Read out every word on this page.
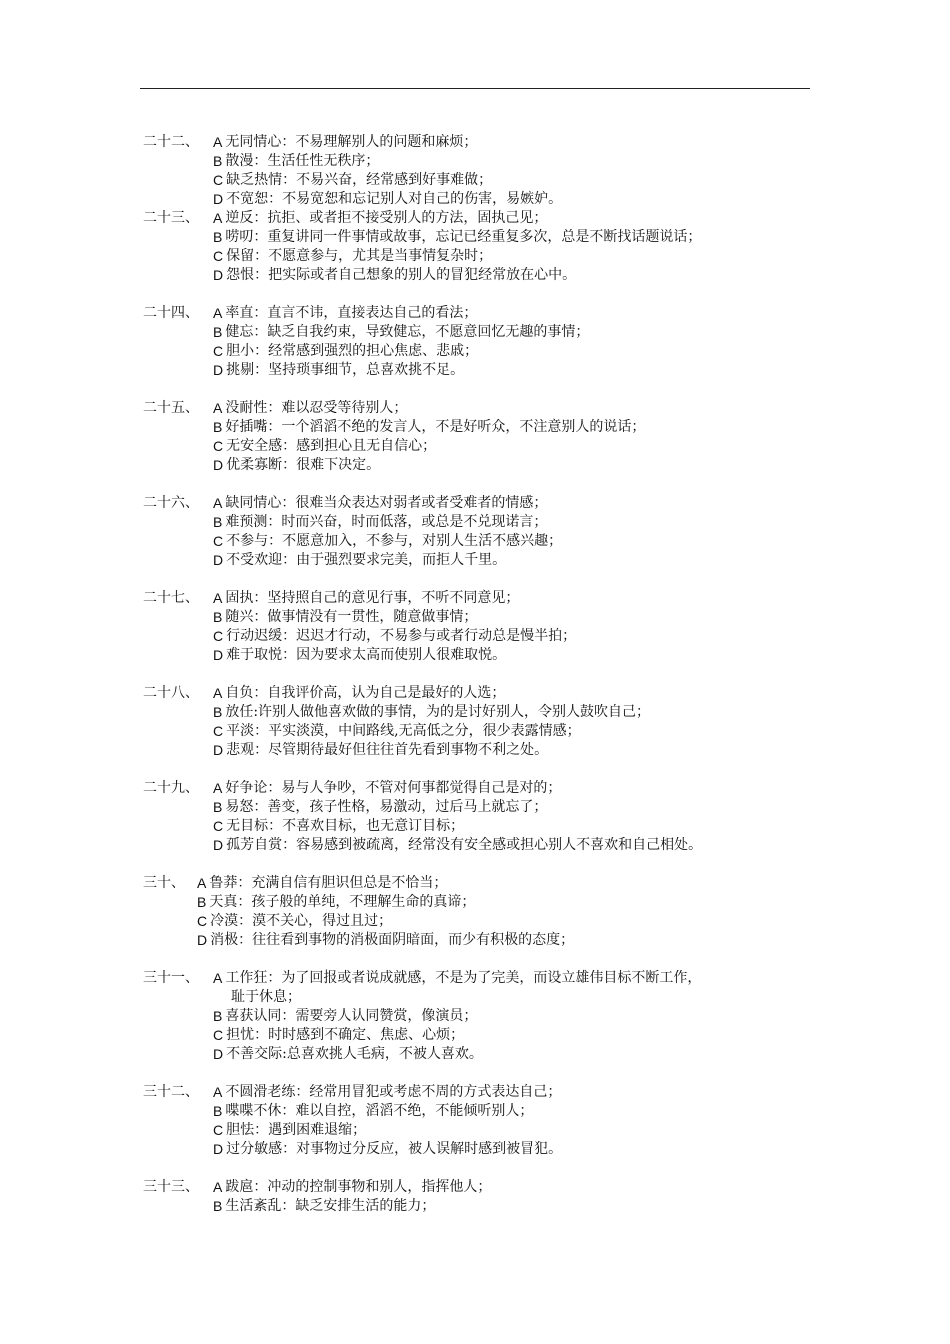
二十二、	A 无同情心：不易理解别人的问题和麻烦；
B 散漫：生活任性无秩序；
C 缺乏热情：不易兴奋，经常感到好事难做；
D 不宽恕：不易宽恕和忘记别人对自己的伤害，易嫉妒。
二十三、	A 逆反：抗拒、或者拒不接受别人的方法，固执己见；
B 唠叨：重复讲同一件事情或故事，忘记已经重复多次，总是不断找话题说话；
C 保留：不愿意参与，尤其是当事情复杂时；
D 怨恨：把实际或者自己想象的别人的冒犯经常放在心中。
二十四、	A 率直：直言不讳，直接表达自己的看法；
B 健忘：缺乏自我约束，导致健忘，不愿意回忆无趣的事情；
C 胆小：经常感到强烈的担心焦虑、悲戚；
D 挑剔：坚持琐事细节，总喜欢挑不足。
二十五、	A 没耐性：难以忍受等待别人；
B 好插嘴：一个滔滔不绝的发言人，不是好听众，不注意别人的说话；
C 无安全感：感到担心且无自信心；
D 优柔寡断：很难下决定。
二十六、	A 缺同情心：很难当众表达对弱者或者受难者的情感；
B 难预测：时而兴奋，时而低落，或总是不兑现诺言；
C 不参与：不愿意加入，不参与，对别人生活不感兴趣；
D 不受欢迎：由于强烈要求完美，而拒人千里。
二十七、	A 固执：坚持照自己的意见行事，不听不同意见；
B 随兴：做事情没有一贯性，随意做事情；
C 行动迟缓：迟迟才行动，不易参与或者行动总是慢半拍；
D 难于取悦：因为要求太高而使别人很难取悦。
二十八、	A 自负：自我评价高，认为自己是最好的人选；
B 放任:许别人做他喜欢做的事情，为的是讨好别人，令别人鼓吹自己；
C 平淡：平实淡漠，中间路线,无高低之分，很少表露情感；
D 悲观：尽管期待最好但往往首先看到事物不利之处。
二十九、	A 好争论：易与人争吵，不管对何事都觉得自己是对的；
B 易怒：善变，孩子性格，易激动，过后马上就忘了；
C 无目标：不喜欢目标，也无意订目标；
D 孤芳自赏：容易感到被疏离，经常没有安全感或担心别人不喜欢和自己相处。
三十、 A 鲁莽：充满自信有胆识但总是不恰当；
B 天真：孩子般的单纯，不理解生命的真谛；
C 冷漠：漠不关心，得过且过；
D 消极：往往看到事物的消极面阴暗面，而少有积极的态度；
三十一、	A 工作狂：为了回报或者说成就感，不是为了完美，而设立雄伟目标不断工作，
耻于休息；
B 喜获认同：需要旁人认同赞赏，像演员；
C 担忧：时时感到不确定、焦虑、心烦；
D 不善交际:总喜欢挑人毛病，不被人喜欢。
三十二、	A 不圆滑老练：经常用冒犯或考虑不周的方式表达自己；
B 喋喋不休：难以自控，滔滔不绝，不能倾听别人；
C 胆怯：遇到困难退缩；
D 过分敏感：对事物过分反应，被人误解时感到被冒犯。
三十三、	A 跋扈：冲动的控制事物和别人，指挥他人；
B 生活紊乱：缺乏安排生活的能力；
